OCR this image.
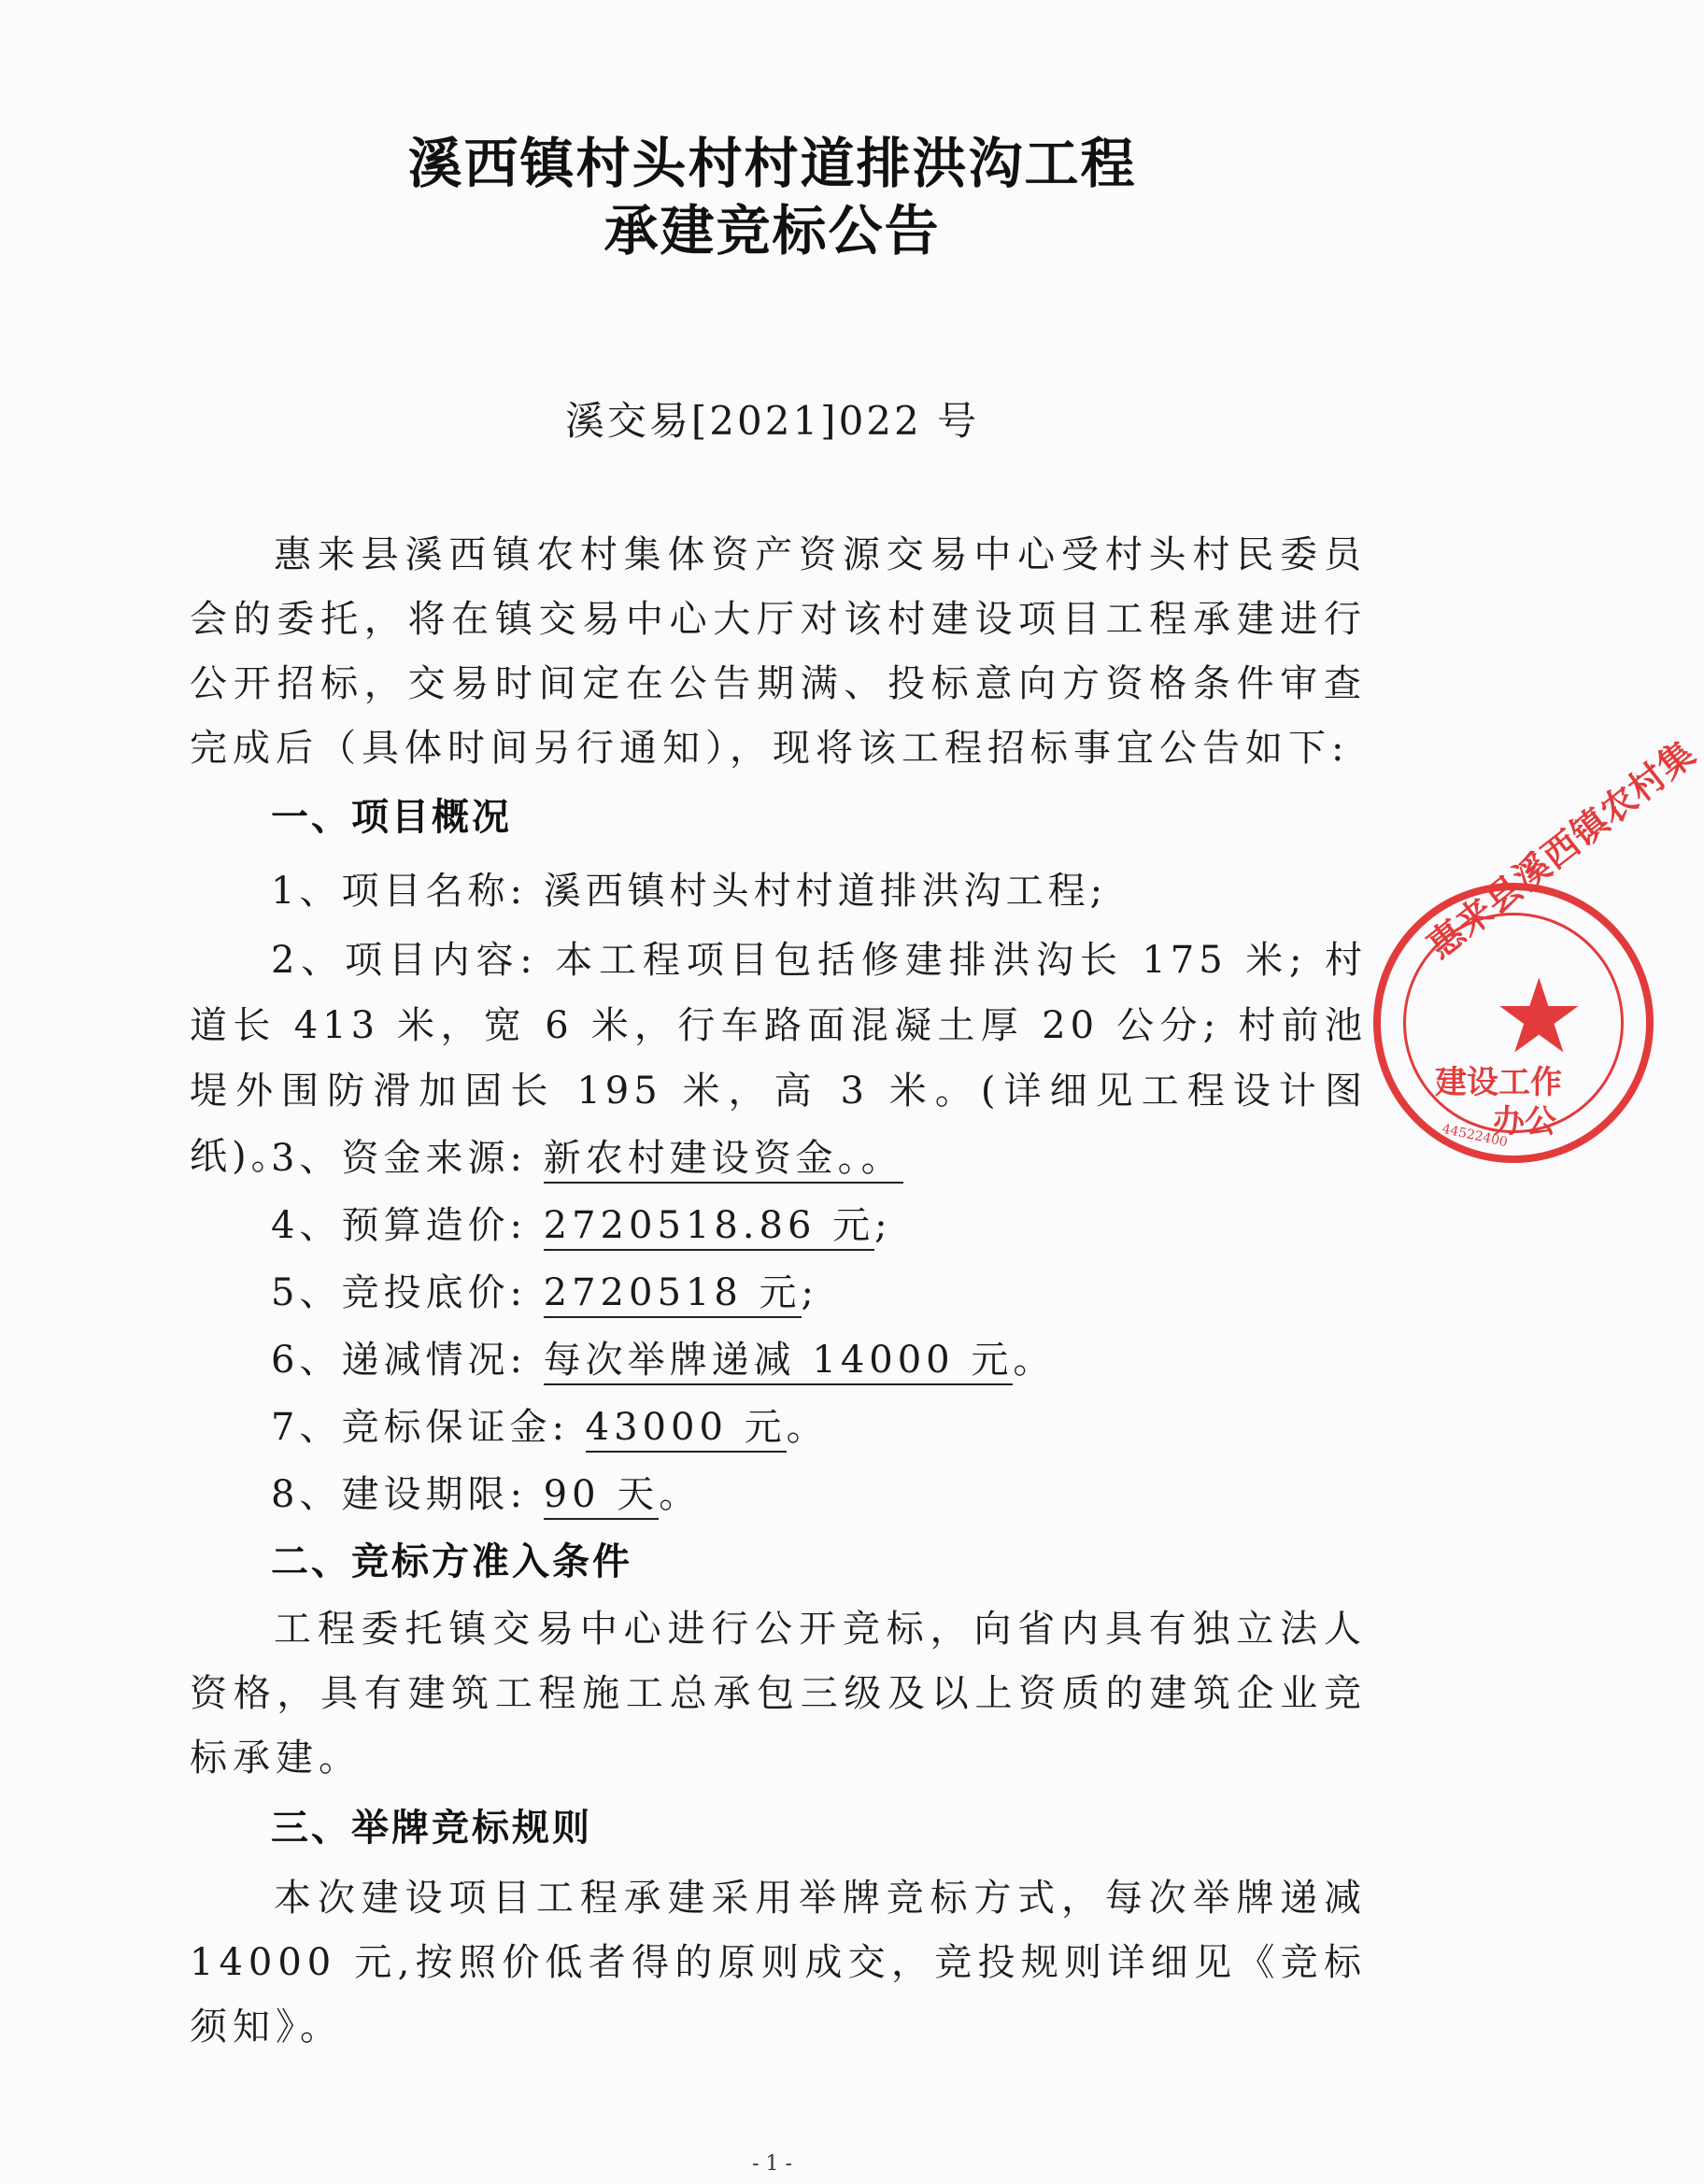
溪西镇村头村村道排洪沟工程
承建竞标公告
溪交易[2021]022 号
惠来县溪西镇农村集体资产资源交易中心受村头村民委员会的委托，将在镇交易中心大厅对该村建设项目工程承建进行公开招标，交易时间定在公告期满、投标意向方资格条件审查完成后（具体时间另行通知），现将该工程招标事宜公告如下:
一、项目概况
1、项目名称: 溪西镇村头村村道排洪沟工程;
2、项目内容: 本工程项目包括修建排洪沟长 175 米; 村道长 413 米，宽 6 米，行车路面混凝土厚 20 公分; 村前池堤外围防滑加固长 195 米，高 3 米。(详细见工程设计图纸)。
3、资金来源: 新农村建设资金。。
4、预算造价: 2720518.86 元;
5、竞投底价: 2720518 元;
6、递减情况: 每次举牌递减 14000 元。
7、竞标保证金: 43000 元。
8、建设期限: 90 天。
二、竞标方准入条件
工程委托镇交易中心进行公开竞标，向省内具有独立法人资格，具有建筑工程施工总承包三级及以上资质的建筑企业竞标承建。
三、举牌竞标规则
本次建设项目工程承建采用举牌竞标方式，每次举牌递减 14000 元,按照价低者得的原则成交，竞投规则详细见《竞标须知》。
- 1 -
★
惠来县溪西镇农村集
建设工作
办公
44522400
